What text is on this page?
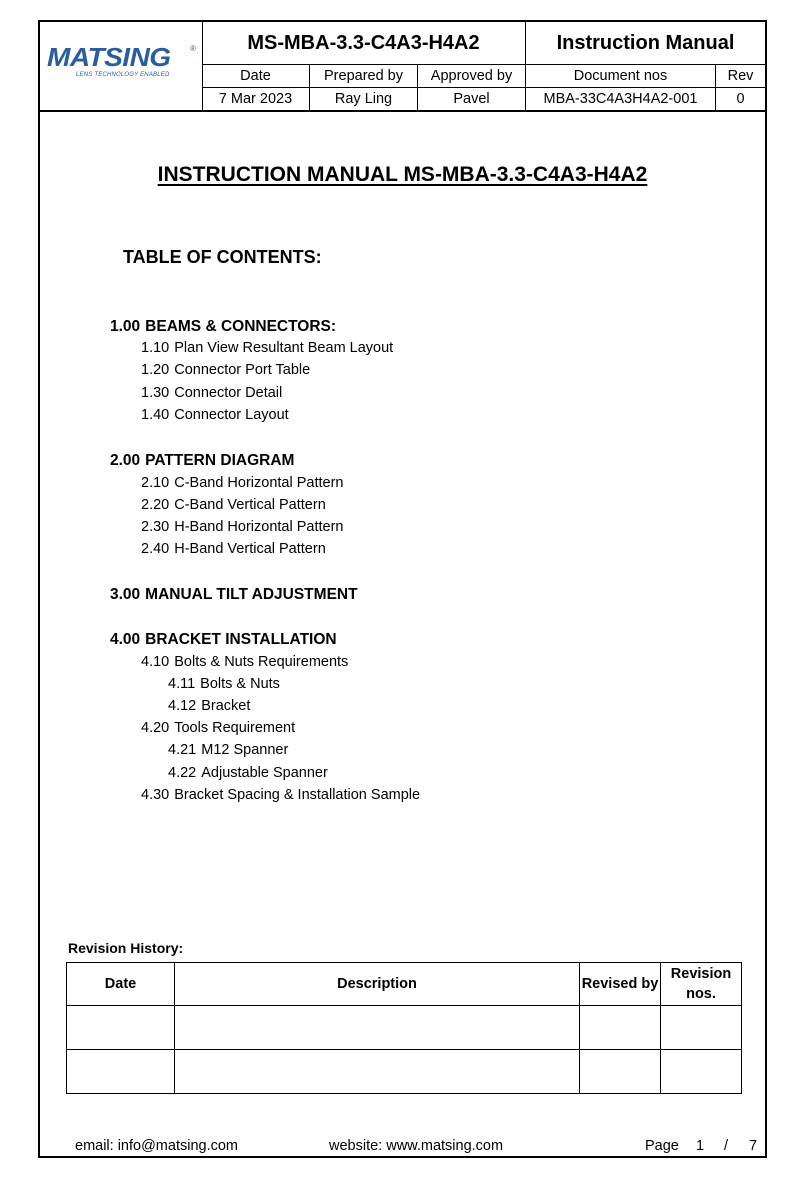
MATSING ®
LENS TECHNOLOGY ENABLED
MS-MBA-3.3-C4A3-H4A2	Instruction Manual
Date	Prepared by	Approved by	Document nos	Rev
7 Mar 2023	Ray Ling	Pavel	MBA-33C4A3H4A2-001	0
INSTRUCTION MANUAL MS-MBA-3.3-C4A3-H4A2
TABLE OF CONTENTS:
1.00 BEAMS & CONNECTORS:
1.10 Plan View Resultant Beam Layout
1.20 Connector Port Table
1.30 Connector Detail
1.40 Connector Layout
2.00 PATTERN DIAGRAM
2.10 C-Band Horizontal Pattern
2.20 C-Band Vertical Pattern
2.30 H-Band Horizontal Pattern
2.40 H-Band Vertical Pattern
3.00 MANUAL TILT ADJUSTMENT
4.00 BRACKET INSTALLATION
4.10 Bolts & Nuts Requirements
4.11 Bolts & Nuts
4.12 Bracket
4.20 Tools Requirement
4.21 M12 Spanner
4.22 Adjustable Spanner
4.30 Bracket Spacing & Installation Sample
Revision History:
Date	Description	Revised by	Revision nos.

email: info@matsing.com	website: www.matsing.com	Page 1 / 7
